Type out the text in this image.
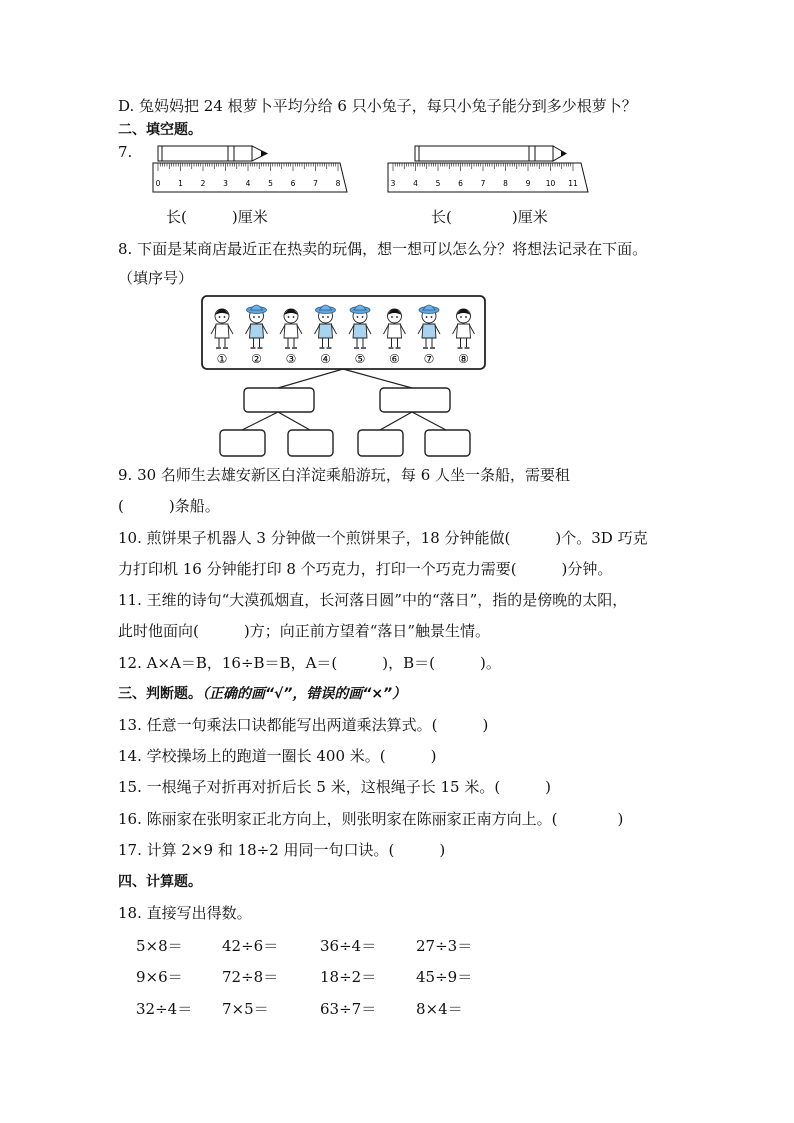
D. 兔妈妈把 24 根萝卜平均分给 6 只小兔子，每只小兔子能分到多少根萝卜？
二、填空题。
7.
0 1 2 3 4 5 6 7 8	3 4 5 6 7 8 9 10 11
长(　　　)厘米	长(　　　　)厘米
8. 下面是某商店最近正在热卖的玩偶，想一想可以怎么分？将想法记录在下面。
（填序号）
① ② ③ ④ ⑤ ⑥ ⑦ ⑧
9. 30 名师生去雄安新区白洋淀乘船游玩，每 6 人坐一条船，需要租
(　　　)条船。
10. 煎饼果子机器人 3 分钟做一个煎饼果子，18 分钟能做(　　　)个。3D 巧克
力打印机 16 分钟能打印 8 个巧克力，打印一个巧克力需要(　　　)分钟。
11. 王维的诗句“大漠孤烟直，长河落日圆”中的“落日”，指的是傍晚的太阳，
此时他面向(　　　)方；向正前方望着“落日”触景生情。
12. A×A＝B，16÷B＝B，A＝(　　　)，B＝(　　　)。
三、判断题。（正确的画“√”，错误的画“×”）
13. 任意一句乘法口诀都能写出两道乘法算式。(　　　)
14. 学校操场上的跑道一圈长 400 米。(　　　)
15. 一根绳子对折再对折后长 5 米，这根绳子长 15 米。(　　　)
16. 陈丽家在张明家正北方向上，则张明家在陈丽家正南方向上。(　　　　)
17. 计算 2×9 和 18÷2 用同一句口诀。(　　　)
四、计算题。
18. 直接写出得数。
5×8＝	42÷6＝	36÷4＝	27÷3＝
9×6＝	72÷8＝	18÷2＝	45÷9＝
32÷4＝ 7×5＝	63÷7＝	8×4＝
